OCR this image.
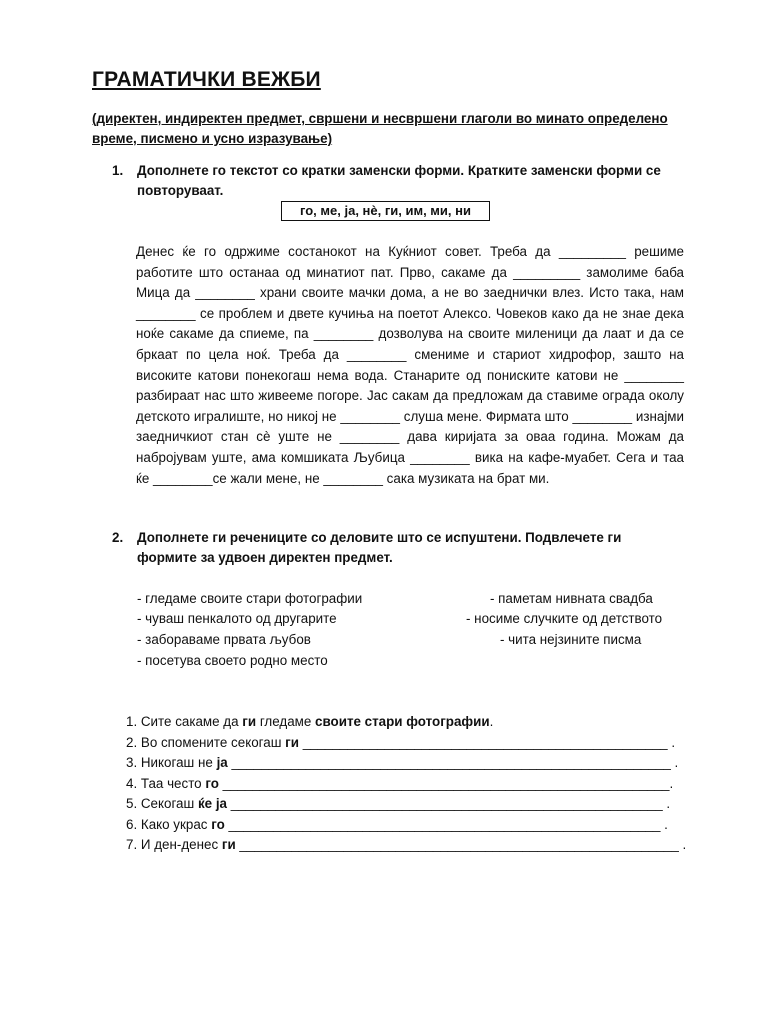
ГРАМАТИЧКИ ВЕЖБИ
(директен, индиректен предмет, свршени и несвршени глаголи во минато определено време, писмено и усно изразување)
1. Дополнете го текстот со кратки заменски форми. Кратките заменски форми се повторуваат.
го, ме, ја, нè, ги, им, ми, ни
Денес ќе го одржиме состанокот на Куќниот совет. Треба да _________ решиме работите што останаа од минатиот пат. Прво, сакаме да _________ замолиме баба Мица да ________ храни своите мачки дома, а не во заеднички влез. Исто така, нам ________ се проблем и двете кучиња на поетот Алексо. Човеков како да не знае дека ноќе сакаме да спиеме, па ________ дозволува на своите миленици да лаат и да се бркаат по цела ноќ. Треба да ________ смениме и стариот хидрофор, зашто на високите катови понекогаш нема вода. Станарите од пониските катови не ________ разбираат нас што живееме погоре. Јас сакам да предложам да ставиме ограда околу детското игралиште, но никој не ________ слуша мене. Фирмата што ________ изнајми заедничкиот стан сè уште не ________ дава киријата за оваа година. Можам да набројувам уште, ама комшиката Љубица ________ вика на кафе-муабет. Сега и таа ќе ________се жали мене, не ________ сака музиката на брат ми.
2. Дополнете ги речениците со деловите што се испуштени. Подвлечете ги формите за удвоен директен предмет.
- гледаме своите стари фотографии
- чуваш пенкалото од другарите
- заборавaме првата љубов
- посетува своето родно место
- паметам нивната свадба
- носиме случките од детството
- чита нејзините писма
1. Сите сакаме да ги гледаме своите стари фотографии.
2. Во спомените секогаш ги _________________________________________________ .
3. Никогаш не ја ___________________________________________________________ .
4. Таа често го ____________________________________________________________.
5. Секогаш ќе ја __________________________________________________________ .
6. Како украс го __________________________________________________________ .
7. И ден-денес ги ___________________________________________________________ .
